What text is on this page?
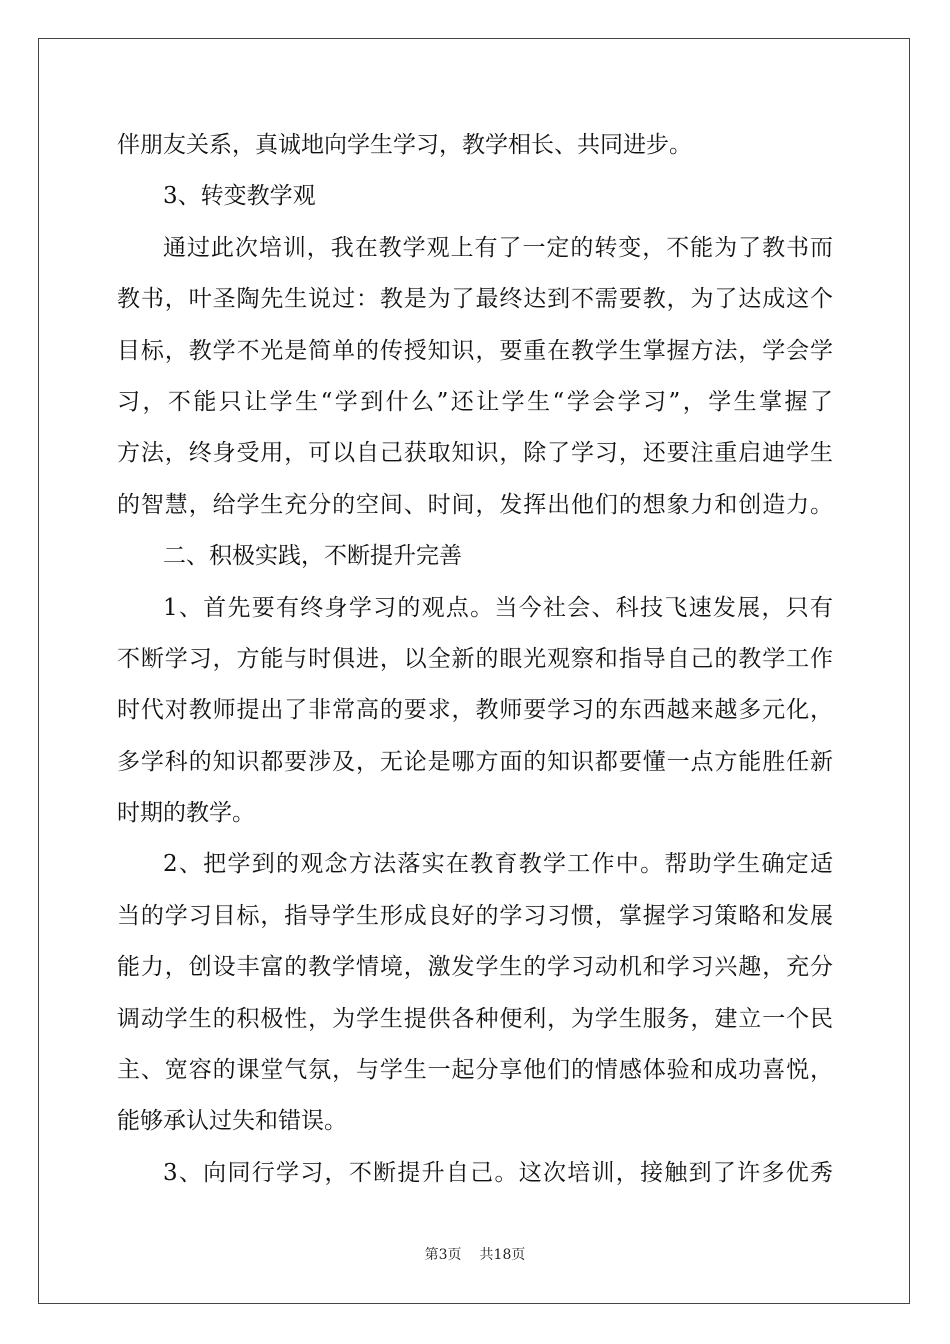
伴朋友关系，真诚地向学生学习，教学相长、共同进步。
3、转变教学观
通过此次培训，我在教学观上有了一定的转变，不能为了教书而
教书，叶圣陶先生说过：教是为了最终达到不需要教，为了达成这个
目标，教学不光是简单的传授知识，要重在教学生掌握方法，学会学
习，不能只让学生“学到什么”还让学生“学会学习”，学生掌握了
方法，终身受用，可以自己获取知识，除了学习，还要注重启迪学生
的智慧，给学生充分的空间、时间，发挥出他们的想象力和创造力。
二、积极实践，不断提升完善
1、首先要有终身学习的观点。当今社会、科技飞速发展，只有
不断学习，方能与时俱进，以全新的眼光观察和指导自己的教学工作
时代对教师提出了非常高的要求，教师要学习的东西越来越多元化，
多学科的知识都要涉及，无论是哪方面的知识都要懂一点方能胜任新
时期的教学。
2、把学到的观念方法落实在教育教学工作中。帮助学生确定适
当的学习目标，指导学生形成良好的学习习惯，掌握学习策略和发展
能力，创设丰富的教学情境，激发学生的学习动机和学习兴趣，充分
调动学生的积极性，为学生提供各种便利，为学生服务，建立一个民
主、宽容的课堂气氛，与学生一起分享他们的情感体验和成功喜悦，
能够承认过失和错误。
3、向同行学习，不断提升自己。这次培训，接触到了许多优秀
第3页 共18页
